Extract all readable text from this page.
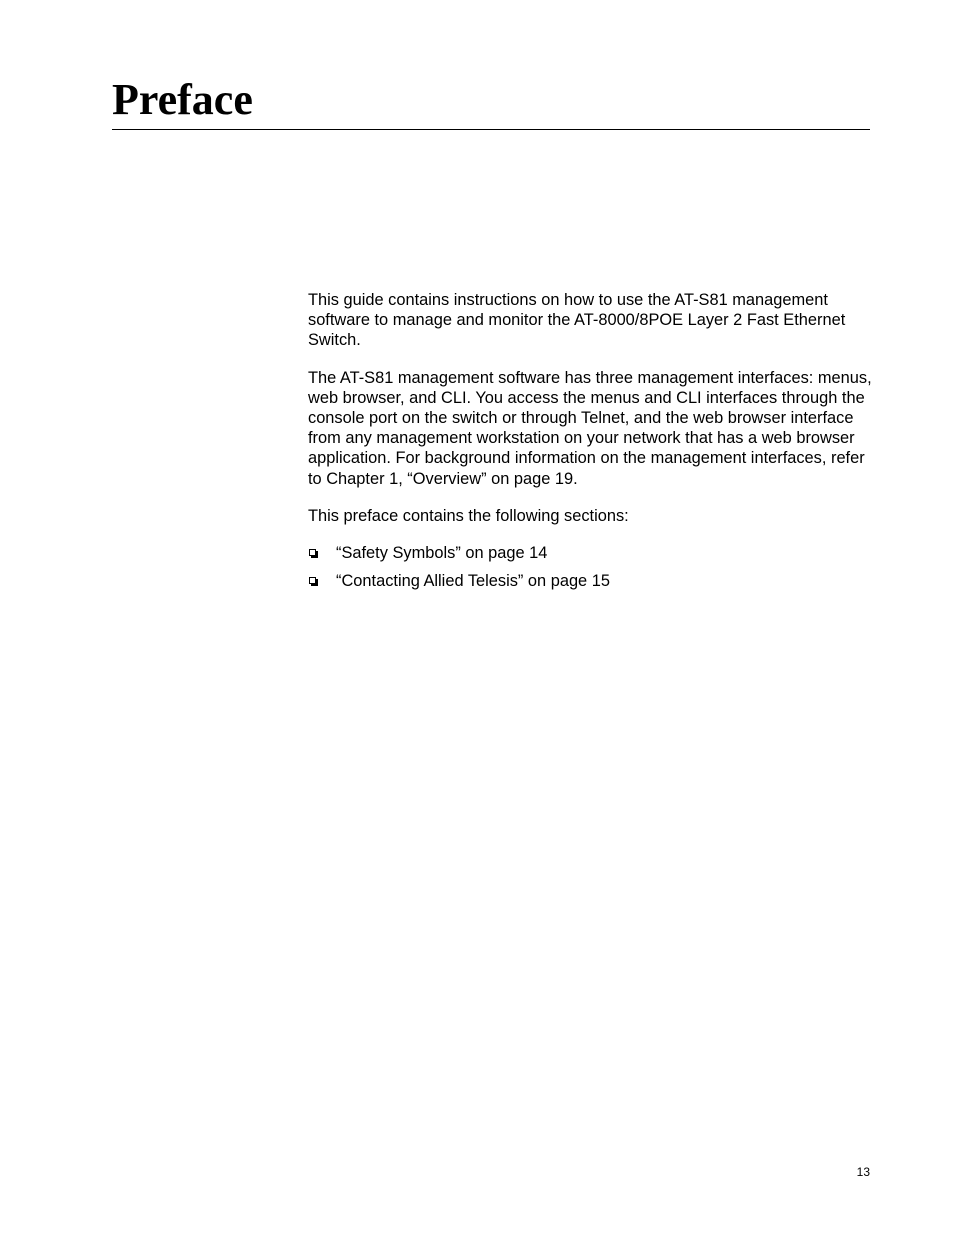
Preface

This guide contains instructions on how to use the AT-S81 management software to manage and monitor the AT-8000/8POE Layer 2 Fast Ethernet Switch.

The AT-S81 management software has three management interfaces: menus, web browser, and CLI. You access the menus and CLI interfaces through the console port on the switch or through Telnet, and the web browser interface from any management workstation on your network that has a web browser application. For background information on the management interfaces, refer to Chapter 1, “Overview” on page 19.

This preface contains the following sections:

“Safety Symbols” on page 14
“Contacting Allied Telesis” on page 15
13
